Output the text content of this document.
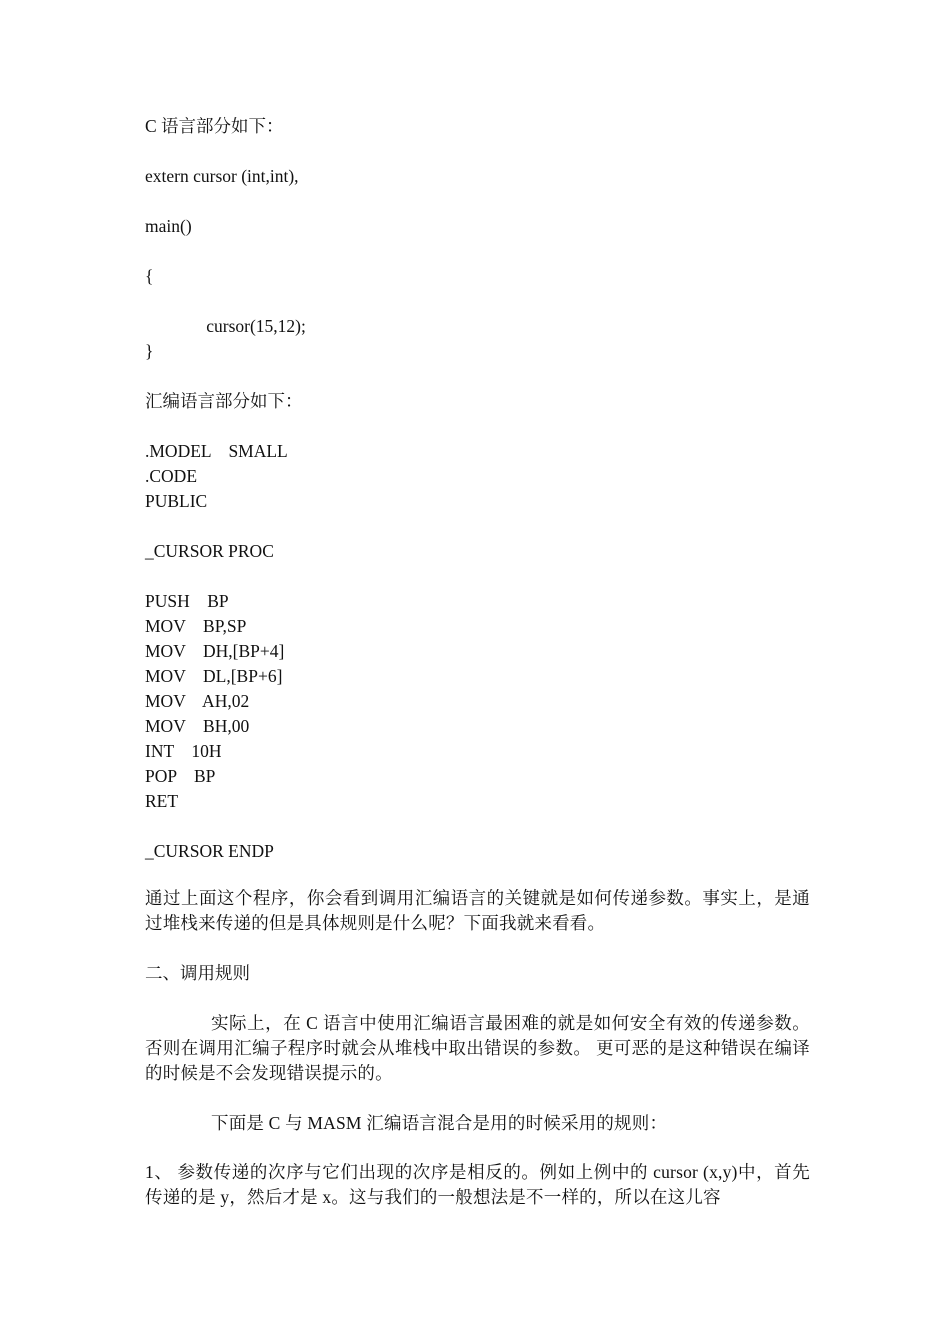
C 语言部分如下：
extern cursor (int,int),
main()
{
cursor(15,12);
}
汇编语言部分如下：
.MODEL    SMALL
.CODE
PUBLIC
_CURSOR PROC
PUSH    BP
MOV    BP,SP
MOV    DH,[BP+4]
MOV    DL,[BP+6]
MOV    AH,02
MOV    BH,00
INT    10H
POP    BP
RET
_CURSOR ENDP
通过上面这个程序，你会看到调用汇编语言的关键就是如何传递参数。事实上，是通过堆栈来传递的但是具体规则是什么呢？下面我就来看看。
二、调用规则
实际上，在 C 语言中使用汇编语言最困难的就是如何安全有效的传递参数。否则在调用汇编子程序时就会从堆栈中取出错误的参数。 更可恶的是这种错误在编译的时候是不会发现错误提示的。
下面是 C 与 MASM 汇编语言混合是用的时候采用的规则：
1、 参数传递的次序与它们出现的次序是相反的。例如上例中的 cursor (x,y)中，首先传递的是 y，然后才是 x。这与我们的一般想法是不一样的，所以在这儿容
